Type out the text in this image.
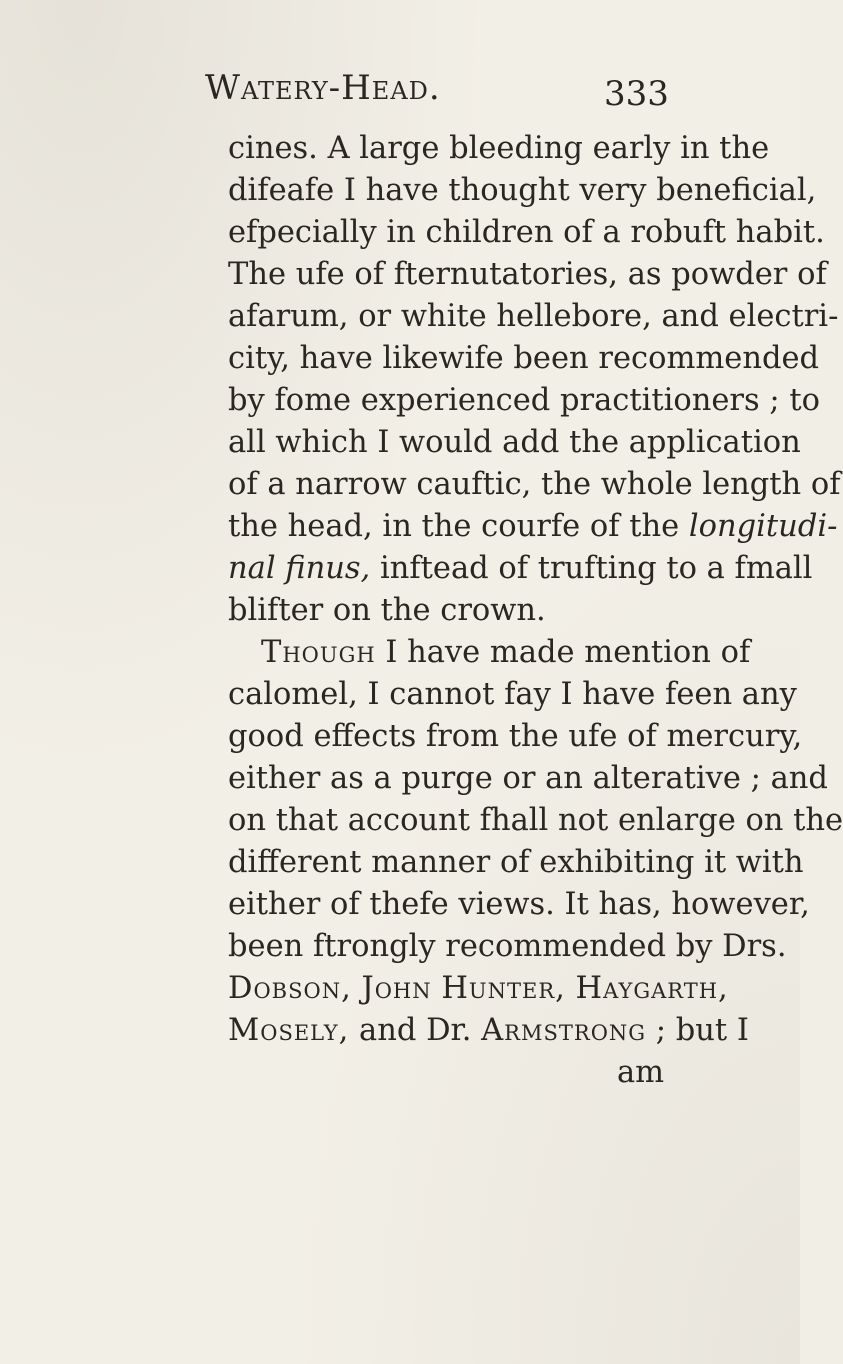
Watery-Head.	333
cines. A large bleeding early in the
difeafe I have thought very beneficial,
efpecially in children of a robuft habit.
The ufe of fternutatories, as powder of
afarum, or white hellebore, and electri-
city, have likewife been recommended
by fome experienced practitioners ; to
all which I would add the application
of a narrow cauftic, the whole length of
the head, in the courfe of the longitudi-
nal finus, inftead of trufting to a fmall
blifter on the crown.
Though I have made mention of
calomel, I cannot fay I have feen any
good effects from the ufe of mercury,
either as a purge or an alterative ; and
on that account fhall not enlarge on the
different manner of exhibiting it with
either of thefe views. It has, however,
been ftrongly recommended by Drs.
Dobson, John Hunter, Haygarth,
Mosely, and Dr. Armstrong ; but I
am
